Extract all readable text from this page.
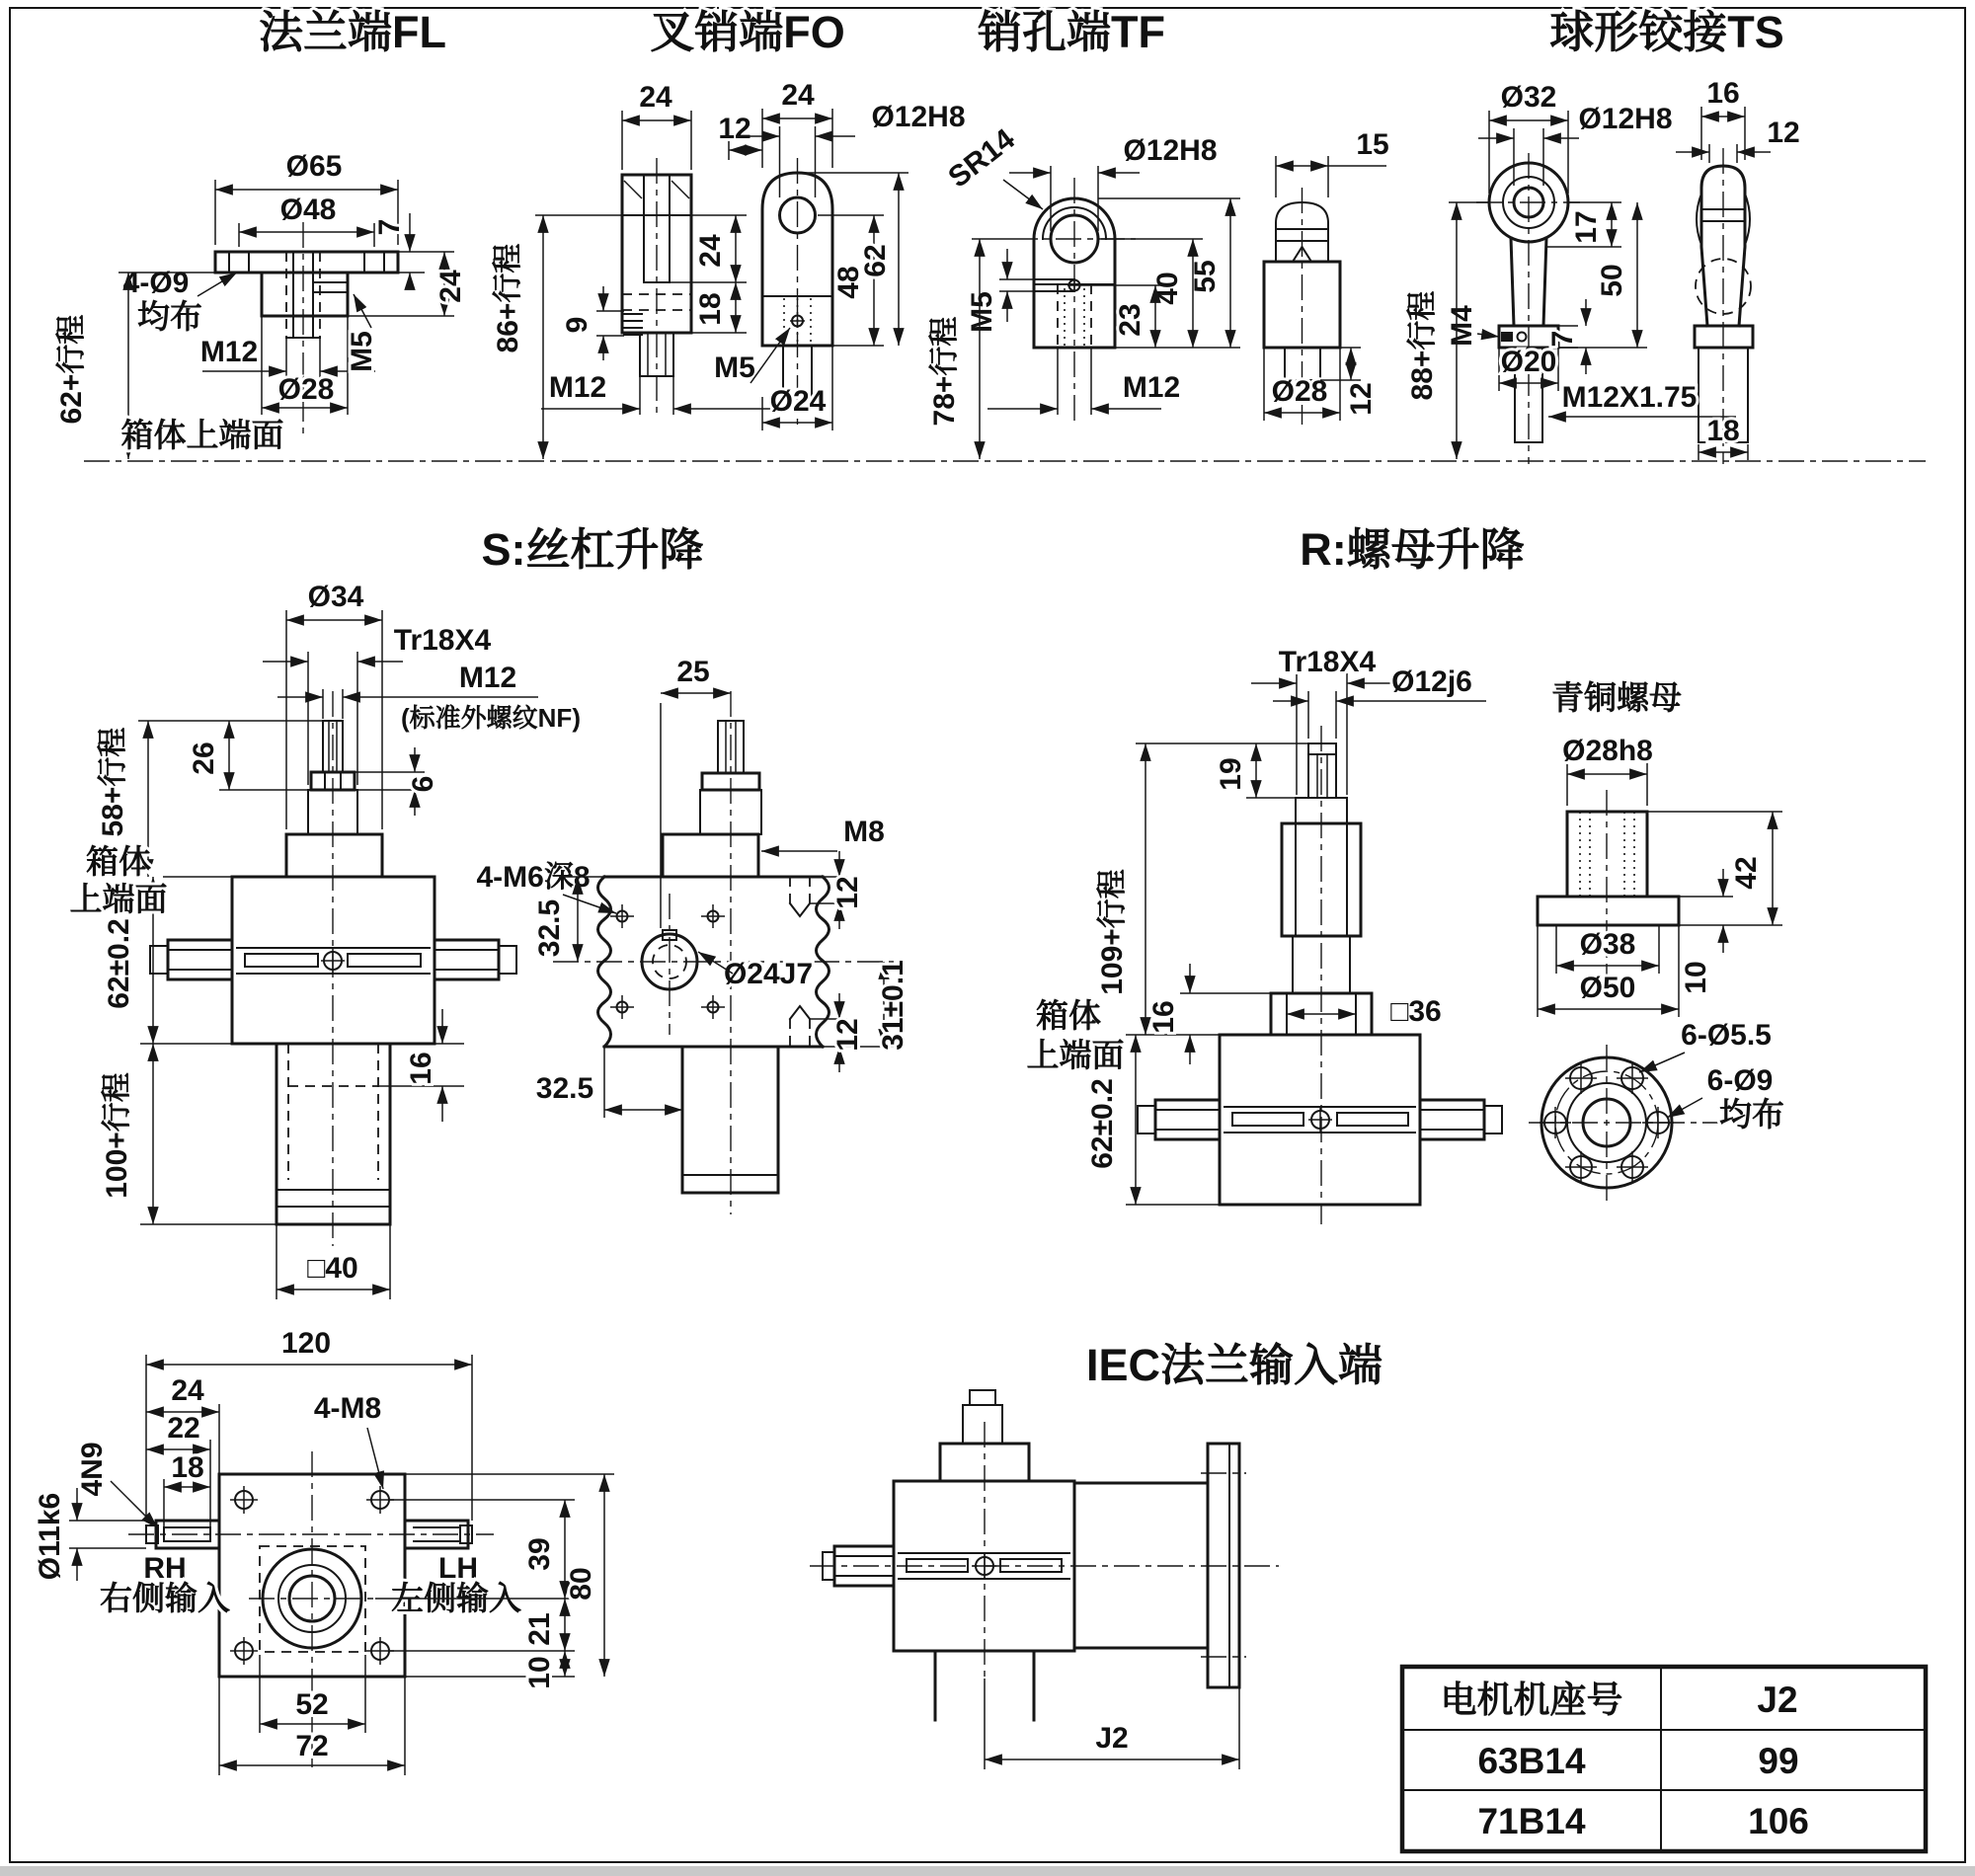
法兰端FL
Ø65
Ø48
7
24
4-Ø9
均布
M12
Ø28
M5
62+行程
箱体上端面
叉销端FO
24
12
24
Ø12H8
24
18
9
48
62
86+行程
M12
M5
Ø24
销孔端TF
SR14	Ø12H8	15
55
40
23
M5
M12
78+行程	Ø28 12
球形铰接TS
Ø32
Ø12H8
16
12
17
50
M4 7
Ø20
88+行程	M12X1.75
18
S:丝杠升降
Ø34
Tr18X4
M12
(标准外螺纹NF)
26
6
58+行程
62±0.2
箱体
上端面
100+行程
16
□40
25
M8
12
4-M6深8
Ø24J7 31±0.1
12
32.5
32.5
R:螺母升降
Tr18X4
Ø12j6
19
109+行程
16
箱体
上端面
62±0.2
□36
青铜螺母
Ø28h8
42
10
Ø38
Ø50
6-Ø5.5
6-Ø9
均布
120
24
22
18
4N9
Ø11k6	RH
右侧输入
LH
左侧输入
4-M8
39
21
10
80
52
72
IEC法兰输入端
J2
电机机座号	J2
63B14	99
71B14	106
